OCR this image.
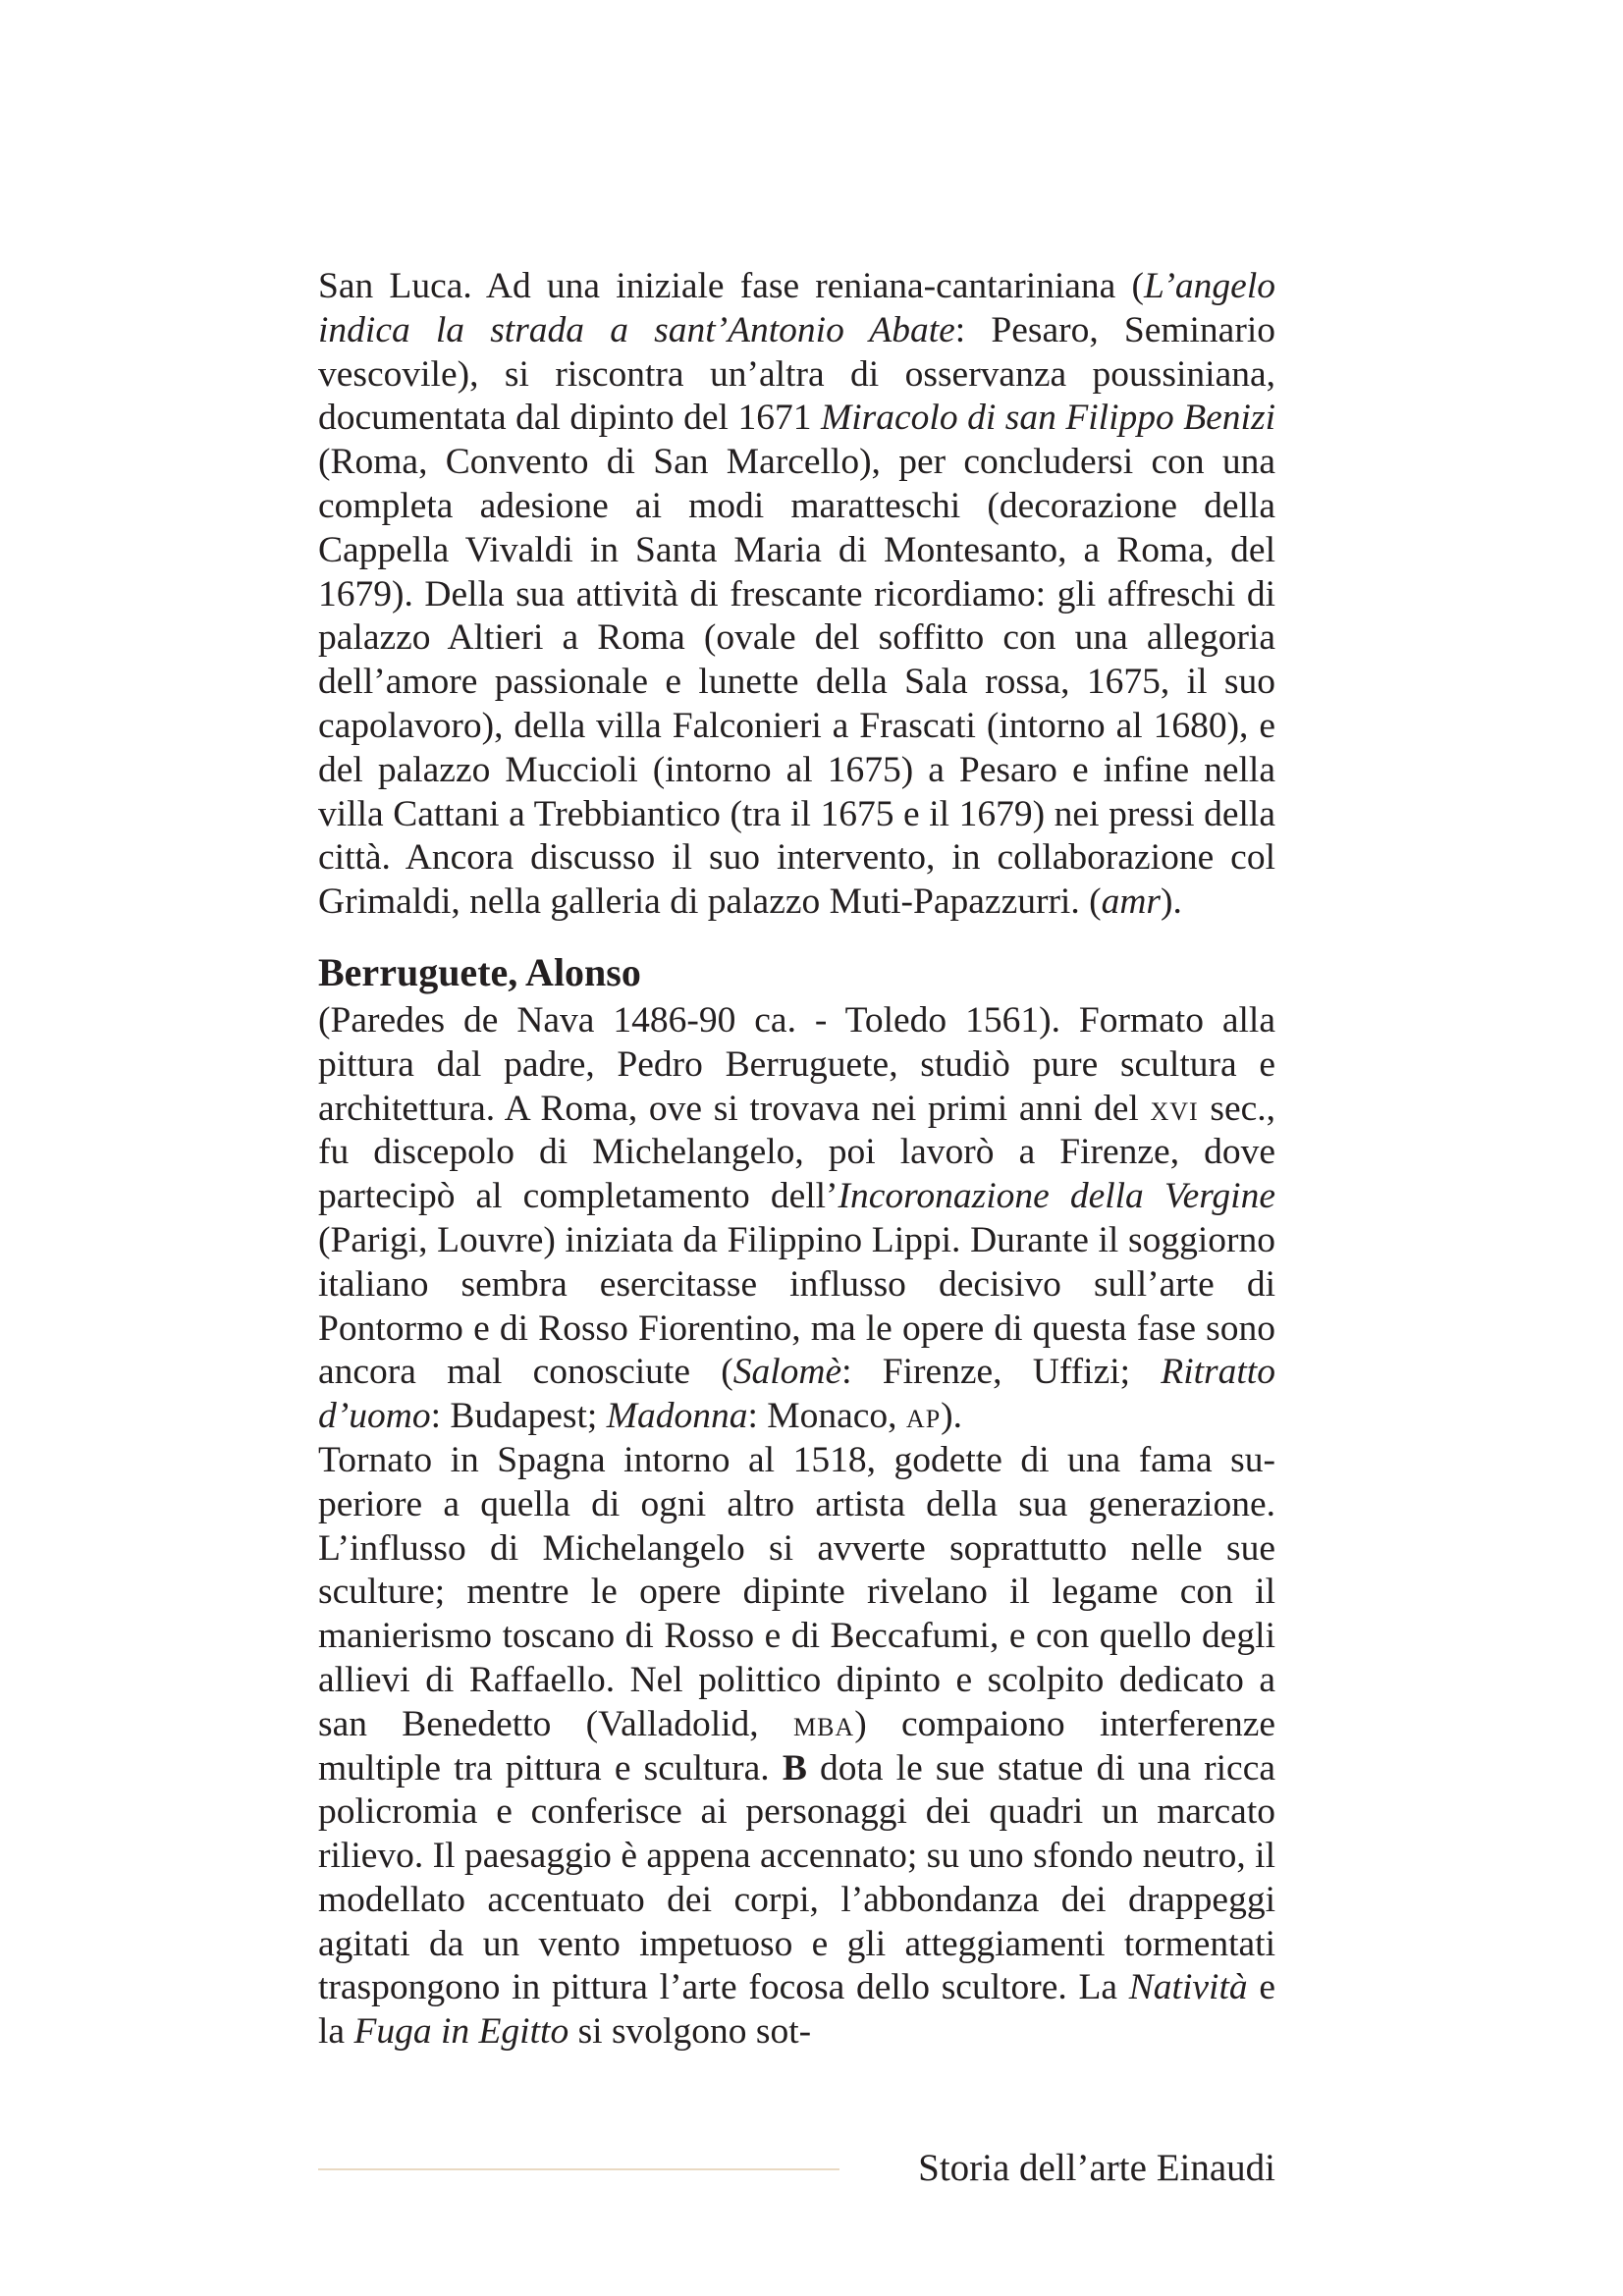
San Luca. Ad una iniziale fase reniana-cantariniana (L’angelo indica la strada a sant’Antonio Abate: Pesaro, Seminario vescovile), si riscontra un’altra di osservanza poussiniana, documentata dal dipinto del 1671 Miracolo di san Filippo Benizi (Roma, Convento di San Marcello), per concludersi con una completa adesione ai modi maratteschi (decorazione della Cappella Vivaldi in Santa Maria di Montesanto, a Roma, del 1679). Della sua attività di frescante ricordiamo: gli affreschi di palazzo Altieri a Roma (ovale del soffitto con una allegoria dell’amore passionale e lunette della Sala rossa, 1675, il suo capolavoro), della villa Falconieri a Frascati (intorno al 1680), e del palazzo Muccioli (intorno al 1675) a Pesaro e infine nella villa Cattani a Trebbiantico (tra il 1675 e il 1679) nei pressi della città. Ancora discusso il suo intervento, in collaborazione col Grimaldi, nella galleria di palazzo Muti-Papazzurri. (amr).

Berruguete, Alonso

(Paredes de Nava 1486-90 ca. - Toledo 1561). Formato alla pittura dal padre, Pedro Berruguete, studiò pure scultura e architettura. A Roma, ove si trovava nei primi anni del xvi sec., fu discepolo di Michelangelo, poi lavorò a Firenze, dove partecipò al completamento dell’Incoronazione della Vergine (Parigi, Louvre) iniziata da Filippino Lippi. Durante il soggiorno italiano sembra esercitasse influsso decisivo sull’arte di Pontormo e di Rosso Fiorentino, ma le opere di questa fase sono ancora mal conosciute (Salomè: Firenze, Uffizi; Ritratto d’uomo: Budapest; Madonna: Monaco, ap).

Tornato in Spagna intorno al 1518, godette di una fama superiore a quella di ogni altro artista della sua generazione. L’influsso di Michelangelo si avverte soprattutto nelle sue sculture; mentre le opere dipinte rivelano il legame con il manierismo toscano di Rosso e di Beccafumi, e con quello degli allievi di Raffaello. Nel polittico dipinto e scolpito dedicato a san Benedetto (Valladolid, mba) compaiono interferenze multiple tra pittura e scultura. B dota le sue statue di una ricca policromia e conferisce ai personaggi dei quadri un marcato rilievo. Il paesaggio è appena accennato; su uno sfondo neutro, il modellato accentuato dei corpi, l’abbondanza dei drappeggi agitati da un vento impetuoso e gli atteggiamenti tormentati traspongono in pittura l’arte focosa dello scultore. La Natività e la Fuga in Egitto si svolgono sot-

Storia dell’arte Einaudi
